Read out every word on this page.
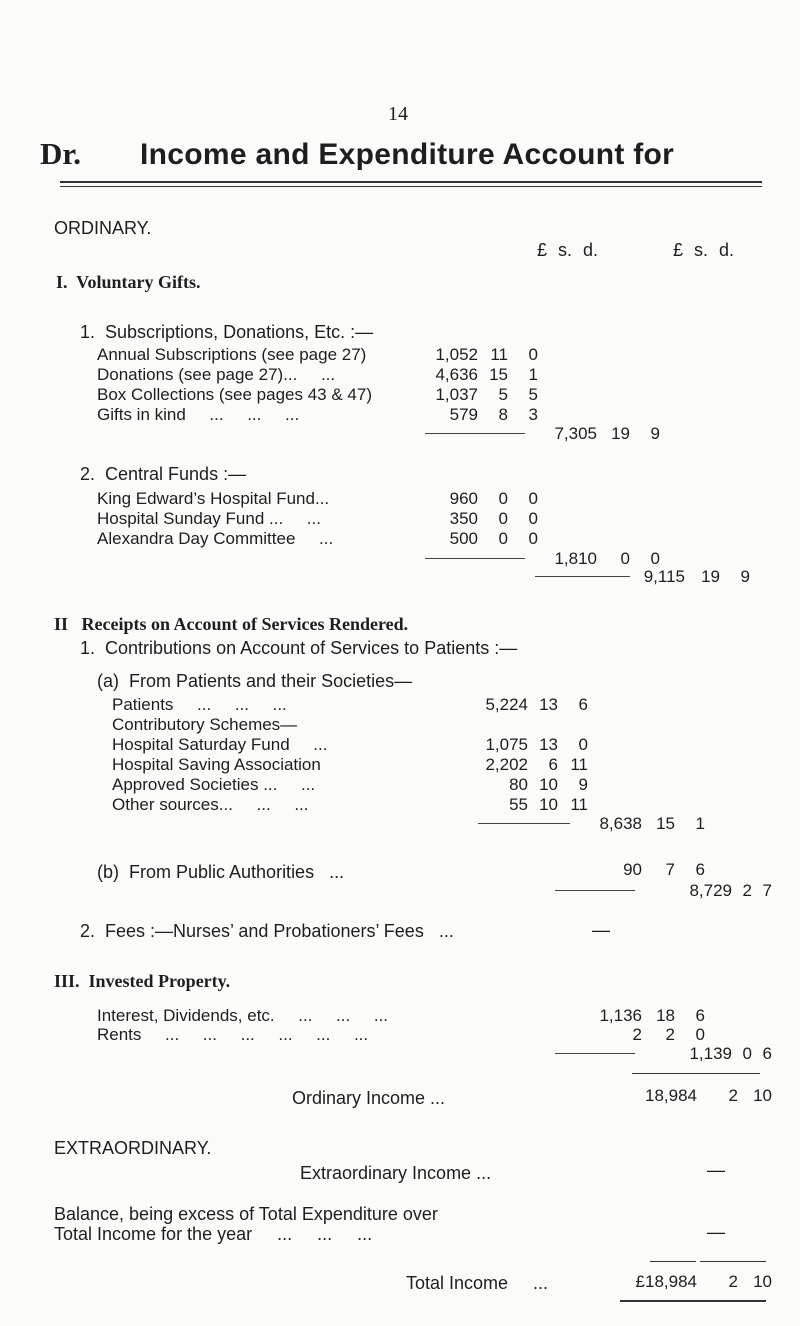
14
Dr. Income and Expenditure Account for
ORDINARY.
£ s. d.	£ s. d.
I.  Voluntary Gifts.
1.  Subscriptions, Donations, Etc. :—
Annual Subscriptions (see page 27)	1,052 11 0
Donations (see page 27)...     ...	4,636 15 1
Box Collections (see pages 43 & 47)	1,037 5 5
Gifts in kind     ...     ...     ...	579 8 3
7,305 19 9
2.  Central Funds :—
King Edward’s Hospital Fund...	960 0 0
Hospital Sunday Fund ...     ...	350 0 0
Alexandra Day Committee     ...	500 0 0
1,810 0 0
9,115 19 9
II   Receipts on Account of Services Rendered.
1.  Contributions on Account of Services to Patients :—
(a)  From Patients and their Societies—
Patients     ...     ...     ...	5,224 13 6
Contributory Schemes—
Hospital Saturday Fund     ...	1,075 13 0
Hospital Saving Association	2,202 6 11
Approved Societies ...     ...	80 10 9
Other sources...     ...     ...	55 10 11
8,638 15 1
(b)  From Public Authorities   ...	90 7 6
8,729 2 7
2.  Fees :—Nurses’ and Probationers’ Fees   ...	—
III.  Invested Property.
Interest, Dividends, etc.     ...     ...     ...	1,136 18 6
Rents     ...     ...     ...     ...     ...     ...	2 2 0
1,139 0 6
Ordinary Income ...	18,984 2 10
EXTRAORDINARY.
Extraordinary Income ...	—
Balance, being excess of Total Expenditure over
Total Income for the year     ...     ...     ...	—
Total Income     ...	£18,984 2 10
